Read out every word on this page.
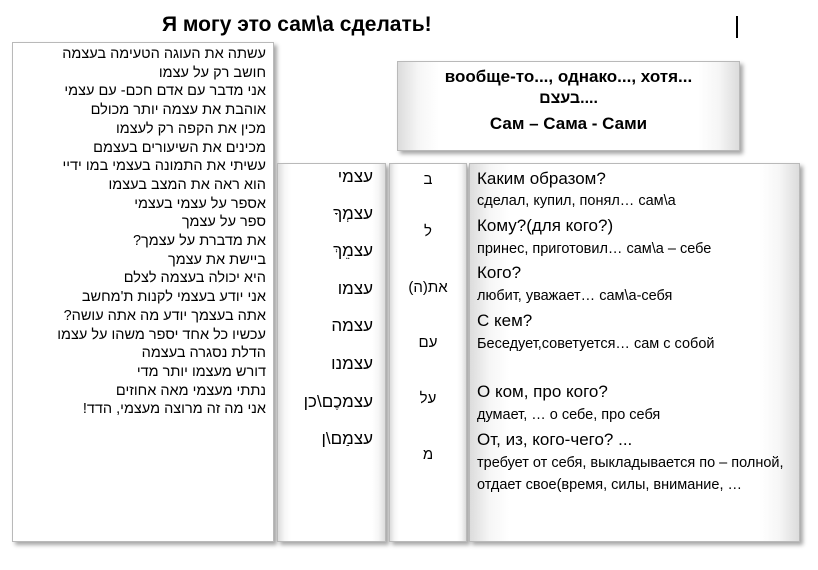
Я могу это сам\а сделать!
עשתה את העוגה הטעימה בעצמה
חושב רק על עצמו
אני מדבר עם אדם חכם- עם עצמי
אוהבת את עצמה יותר מכולם
מכין את הקפה רק לעצמו
מכינים את השיעורים בעצמם
עשיתי את התמונה בעצמי במו ידיי
הוא ראה את המצב בעצמו
אספר על עצמי בעצמי
ספר על עצמך
את מדברת על עצמך?
ביישת את עצמך
היא יכולה בעצמה לצלם
אני יודע בעצמי לקנות ת'מחשב
אתה בעצמך יודע מה אתה עושה?
עכשיו כל אחד יספר משהו על עצמו
הדלת נסגרה בעצמה
דורש מעצמו יותר מדי
נתתי מעצמי מאה אחוזים
אני מה זה מרוצה מעצמי, הדד!
вообще-то..., однако..., хотя...
....בעצם
Сам – Сама - Сами
עצמי
עצמְךָ
עצמֵךְ
עצמו
עצמה
עצמנו
עצמכֶם\כן
עצמַם\ן
ב
ל
את(ה)
עם
על
מ
Каким образом?
сделал, купил, понял… сам\а
Кому?(для кого?)
принес, приготовил… сам\а – себе
Кого?
любит, уважает… сам\а-себя
С кем?
Беседует,советуется… сам с собой
О ком, про кого?
думает, … о себе, про себя
От, из, кого-чего? ...
требует от себя, выкладывается по – полной, отдает свое(время, силы, внимание, …
